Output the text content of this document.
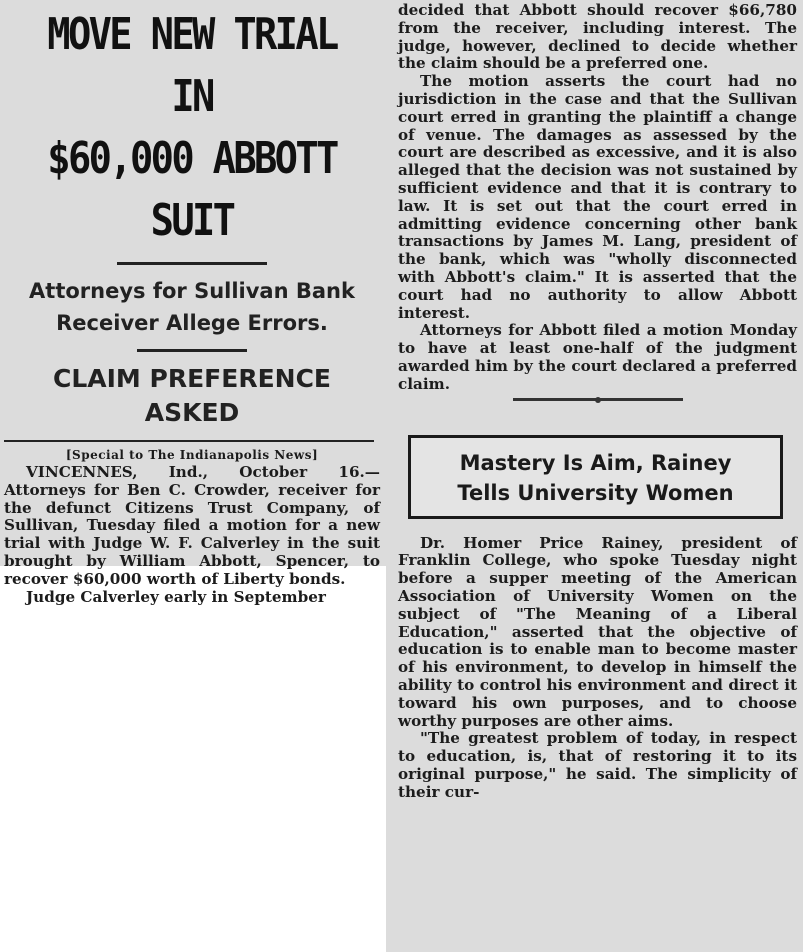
MOVE NEW TRIAL IN

$60,000 ABBOTT SUIT

Attorneys for Sullivan Bank

Receiver Allege Errors.

CLAIM PREFERENCE ASKED

[Special to The Indianapolis News]

VINCENNES, Ind., October 16.—Attorneys for Ben C. Crowder, receiver for the defunct Citizens Trust Company, of Sullivan, Tuesday filed a motion for a new trial with Judge W. F. Calverley in the suit brought by William Abbott, Spencer, to recover $60,000 worth of Liberty bonds.

Judge Calverley early in September

decided that Abbott should recover $66,780 from the receiver, including interest. The judge, however, declined to decide whether the claim should be a preferred one.

The motion asserts the court had no jurisdiction in the case and that the Sullivan court erred in granting the plaintiff a change of venue. The damages as assessed by the court are described as excessive, and it is also alleged that the decision was not sustained by sufficient evidence and that it is contrary to law. It is set out that the court erred in admitting evidence concerning other bank transactions by James M. Lang, president of the bank, which was "wholly disconnected with Abbott's claim." It is asserted that the court had no authority to allow Abbott interest.

Attorneys for Abbott filed a motion Monday to have at least one-half of the judgment awarded him by the court declared a preferred claim.

Mastery Is Aim, Rainey

Tells University Women

Dr. Homer Price Rainey, president of Franklin College, who spoke Tuesday night before a supper meeting of the American Association of University Women on the subject of "The Meaning of a Liberal Education," asserted that the objective of education is to enable man to become master of his environment, to develop in himself the ability to control his environment and direct it toward his own purposes, and to choose worthy purposes are other aims.

"The greatest problem of today, in respect to education, is, that of restoring it to its original purpose," he said. The simplicity of their cur-
